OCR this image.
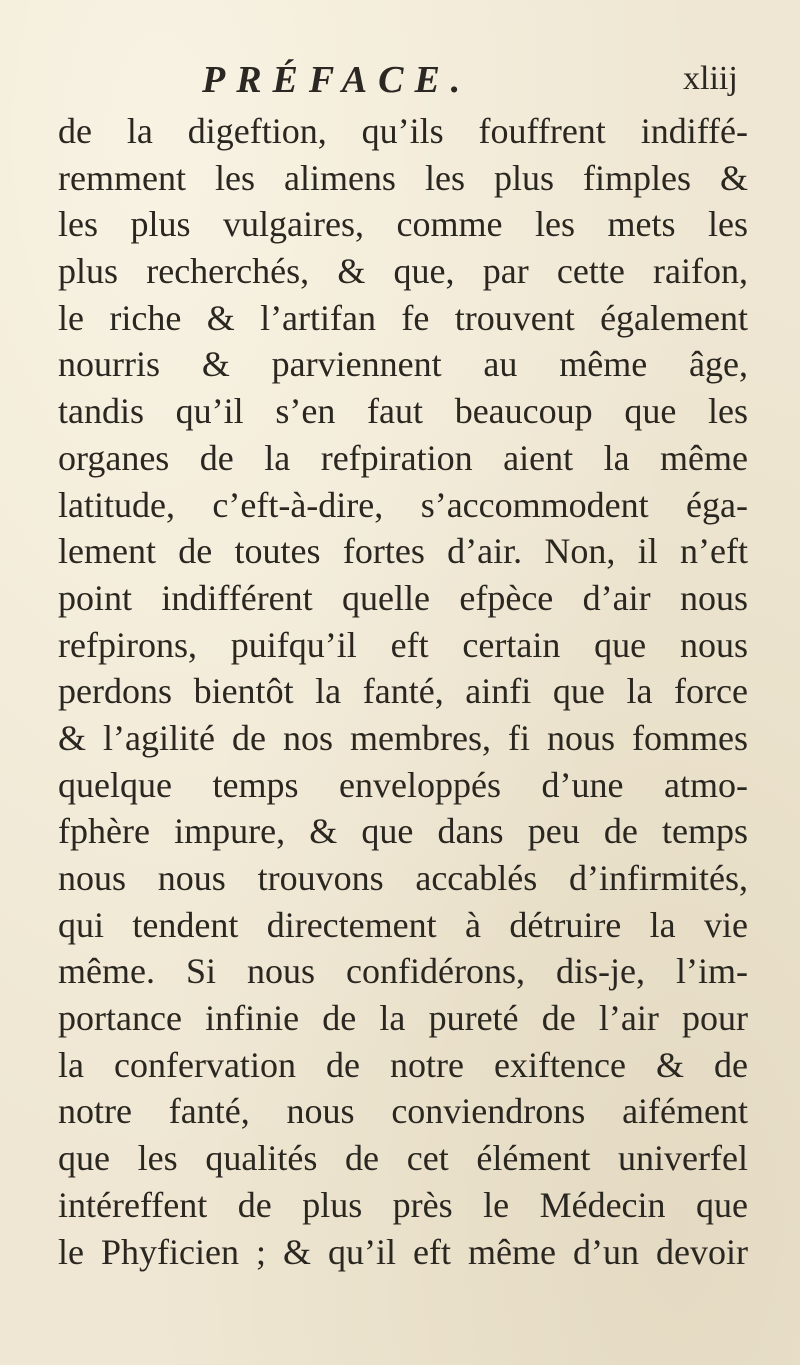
PRÉFACE.	xliij
de la digeftion, qu’ils fouffrent indiffé-
remment les alimens les plus fimples &
les plus vulgaires, comme les mets les
plus recherchés, & que, par cette raifon,
le riche & l’artifan fe trouvent également
nourris & parviennent au même âge,
tandis qu’il s’en faut beaucoup que les
organes de la refpiration aient la même
latitude, c’eft-à-dire, s’accommodent éga-
lement de toutes fortes d’air. Non, il n’eft
point indifférent quelle efpèce d’air nous
refpirons, puifqu’il eft certain que nous
perdons bientôt la fanté, ainfi que la force
& l’agilité de nos membres, fi nous fommes
quelque temps enveloppés d’une atmo-
fphère impure, & que dans peu de temps
nous nous trouvons accablés d’infirmités,
qui tendent directement à détruire la vie
même. Si nous confidérons, dis-je, l’im-
portance infinie de la pureté de l’air pour
la confervation de notre exiftence & de
notre fanté, nous conviendrons aifément
que les qualités de cet élément univerfel
intéreffent de plus près le Médecin que
le Phyficien ; & qu’il eft même d’un devoir
